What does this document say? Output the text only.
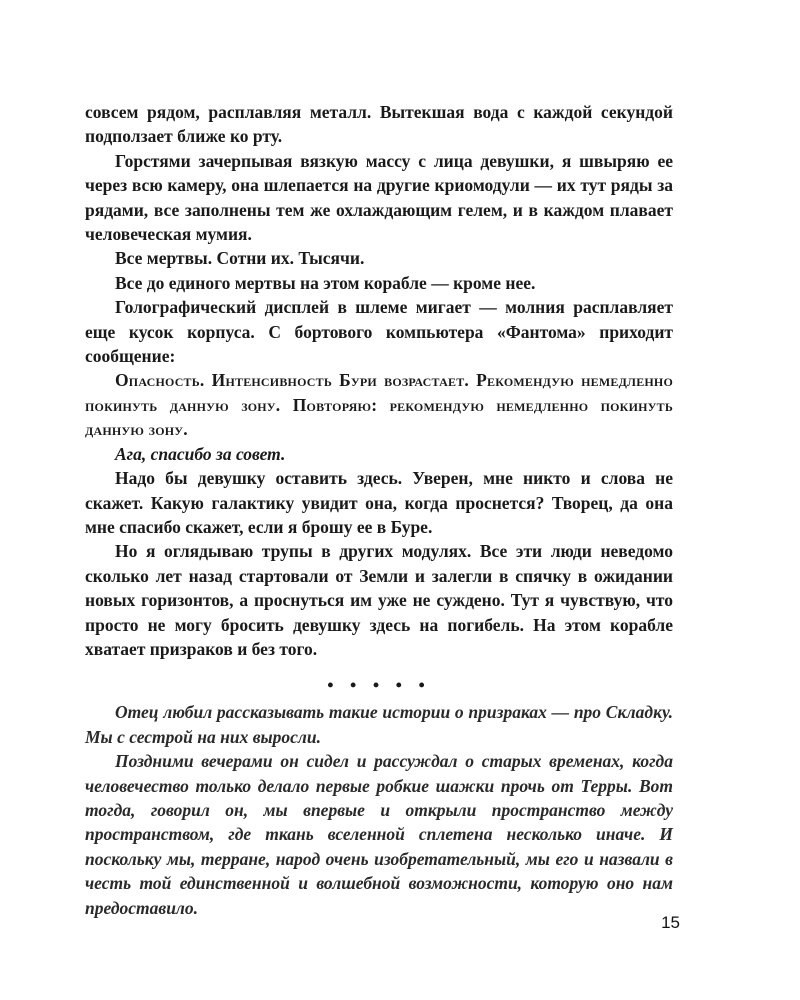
совсем рядом, расплавляя металл. Вытекшая вода с каждой секундой подползает ближе ко рту.

Горстями зачерпывая вязкую массу с лица девушки, я швыряю ее через всю камеру, она шлепается на другие криомодули — их тут ряды за рядами, все заполнены тем же охлаждающим гелем, и в каждом плавает человеческая мумия.

Все мертвы. Сотни их. Тысячи.

Все до единого мертвы на этом корабле — кроме нее.

Голографический дисплей в шлеме мигает — молния расплавляет еще кусок корпуса. С бортового компьютера «Фантома» приходит сообщение:

Опасность. Интенсивность Бури возрастает. Рекомендую немедленно покинуть данную зону. Повторяю: рекомендую немедленно покинуть данную зону.

Ага, спасибо за совет.

Надо бы девушку оставить здесь. Уверен, мне никто и слова не скажет. Какую галактику увидит она, когда проснется? Творец, да она мне спасибо скажет, если я брошу ее в Буре.

Но я оглядываю трупы в других модулях. Все эти люди неведомо сколько лет назад стартовали от Земли и залегли в спячку в ожидании новых горизонтов, а проснуться им уже не суждено. Тут я чувствую, что просто не могу бросить девушку здесь на погибель. На этом корабле хватает призраков и без того.

• • • • •

Отец любил рассказывать такие истории о призраках — про Складку. Мы с сестрой на них выросли.

Поздними вечерами он сидел и рассуждал о старых временах, когда человечество только делало первые робкие шажки прочь от Терры. Вот тогда, говорил он, мы впервые и открыли пространство между пространством, где ткань вселенной сплетена несколько иначе. И поскольку мы, терране, народ очень изобретательный, мы его и назвали в честь той единственной и волшебной возможности, которую оно нам предоставило.

15
